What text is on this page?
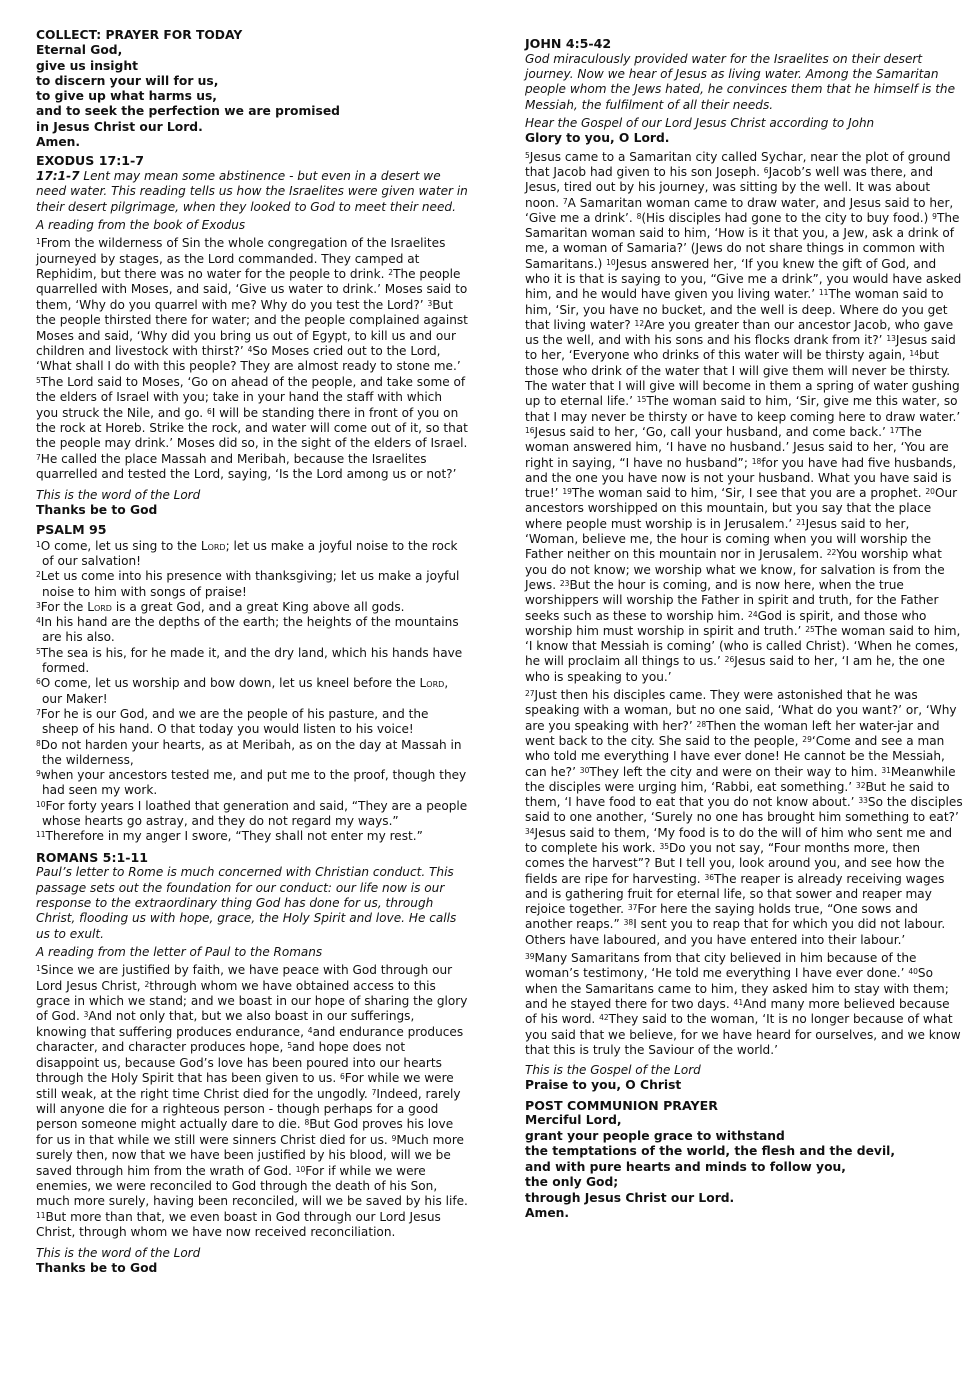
COLLECT: PRAYER FOR TODAY
Eternal God,
give us insight
to discern your will for us,
to give up what harms us,
and to seek the perfection we are promised
in Jesus Christ our Lord.
Amen.
EXODUS 17:1-7
17:1-7 Lent may mean some abstinence - but even in a desert we need water. This reading tells us how the Israelites were given water in their desert pilgrimage, when they looked to God to meet their need.
A reading from the book of Exodus
$^1$From the wilderness of Sin the whole congregation of the Israelites journeyed by stages, as the Lord commanded. They camped at Rephidim, but there was no water for the people to drink. $^2$The people quarrelled with Moses, and said, ‘Give us water to drink.’ Moses said to them, ‘Why do you quarrel with me? Why do you test the Lord?’ $^3$But the people thirsted there for water; and the people complained against Moses and said, ‘Why did you bring us out of Egypt, to kill us and our children and livestock with thirst?’ $^4$So Moses cried out to the Lord, ‘What shall I do with this people? They are almost ready to stone me.’ $^5$The Lord said to Moses, ‘Go on ahead of the people, and take some of the elders of Israel with you; take in your hand the staff with which you struck the Nile, and go. $^6$I will be standing there in front of you on the rock at Horeb. Strike the rock, and water will come out of it, so that the people may drink.’ Moses did so, in the sight of the elders of Israel. $^7$He called the place Massah and Meribah, because the Israelites quarrelled and tested the Lord, saying, ‘Is the Lord among us or not?’
This is the word of the Lord
Thanks be to God
PSALM 95
$^1$O come, let us sing to the Lord; let us make a joyful noise to the rock of our salvation!
$^2$Let us come into his presence with thanksgiving; let us make a joyful noise to him with songs of praise!
$^3$For the Lord is a great God, and a great King above all gods.
$^4$In his hand are the depths of the earth; the heights of the mountains are his also.
$^5$The sea is his, for he made it, and the dry land, which his hands have formed.
$^6$O come, let us worship and bow down, let us kneel before the Lord, our Maker!
$^7$For he is our God, and we are the people of his pasture, and the sheep of his hand. O that today you would listen to his voice!
$^8$Do not harden your hearts, as at Meribah, as on the day at Massah in the wilderness,
$^9$when your ancestors tested me, and put me to the proof, though they had seen my work.
$^{10}$For forty years I loathed that generation and said, “They are a people whose hearts go astray, and they do not regard my ways.”
$^{11}$Therefore in my anger I swore, “They shall not enter my rest.”
ROMANS 5:1-11
Paul’s letter to Rome is much concerned with Christian conduct. This passage sets out the foundation for our conduct: our life now is our response to the extraordinary thing God has done for us, through Christ, flooding us with hope, grace, the Holy Spirit and love. He calls us to exult.
A reading from the letter of Paul to the Romans
$^1$Since we are justified by faith, we have peace with God through our Lord Jesus Christ, $^2$through whom we have obtained access to this grace in which we stand; and we boast in our hope of sharing the glory of God. $^3$And not only that, but we also boast in our sufferings, knowing that suffering produces endurance, $^4$and endurance produces character, and character produces hope, $^5$and hope does not disappoint us, because God’s love has been poured into our hearts through the Holy Spirit that has been given to us. $^6$For while we were still weak, at the right time Christ died for the ungodly. $^7$Indeed, rarely will anyone die for a righteous person - though perhaps for a good person someone might actually dare to die. $^8$But God proves his love for us in that while we still were sinners Christ died for us. $^9$Much more surely then, now that we have been justified by his blood, will we be saved through him from the wrath of God. $^{10}$For if while we were enemies, we were reconciled to God through the death of his Son, much more surely, having been reconciled, will we be saved by his life. $^{11}$But more than that, we even boast in God through our Lord Jesus Christ, through whom we have now received reconciliation.
This is the word of the Lord
Thanks be to God
JOHN 4:5-42
God miraculously provided water for the Israelites on their desert journey. Now we hear of Jesus as living water. Among the Samaritan people whom the Jews hated, he convinces them that he himself is the Messiah, the fulfilment of all their needs.
Hear the Gospel of our Lord Jesus Christ according to John
Glory to you, O Lord.
$^5$Jesus came to a Samaritan city called Sychar, near the plot of ground that Jacob had given to his son Joseph. $^6$Jacob’s well was there, and Jesus, tired out by his journey, was sitting by the well. It was about noon. $^7$A Samaritan woman came to draw water, and Jesus said to her, ‘Give me a drink’. $^8$(His disciples had gone to the city to buy food.) $^9$The Samaritan woman said to him, ‘How is it that you, a Jew, ask a drink of me, a woman of Samaria?’ (Jews do not share things in common with Samaritans.) $^{10}$Jesus answered her, ‘If you knew the gift of God, and who it is that is saying to you, “Give me a drink”, you would have asked him, and he would have given you living water.’ $^{11}$The woman said to him, ‘Sir, you have no bucket, and the well is deep. Where do you get that living water? $^{12}$Are you greater than our ancestor Jacob, who gave us the well, and with his sons and his flocks drank from it?’ $^{13}$Jesus said to her, ‘Everyone who drinks of this water will be thirsty again, $^{14}$but those who drink of the water that I will give them will never be thirsty. The water that I will give will become in them a spring of water gushing up to eternal life.’ $^{15}$The woman said to him, ‘Sir, give me this water, so that I may never be thirsty or have to keep coming here to draw water.’ $^{16}$Jesus said to her, ‘Go, call your husband, and come back.’ $^{17}$The woman answered him, ‘I have no husband.’ Jesus said to her, ‘You are right in saying, “I have no husband”; $^{18}$for you have had five husbands, and the one you have now is not your husband. What you have said is true!’ $^{19}$The woman said to him, ‘Sir, I see that you are a prophet. $^{20}$Our ancestors worshipped on this mountain, but you say that the place where people must worship is in Jerusalem.’ $^{21}$Jesus said to her, ‘Woman, believe me, the hour is coming when you will worship the Father neither on this mountain nor in Jerusalem. $^{22}$You worship what you do not know; we worship what we know, for salvation is from the Jews. $^{23}$But the hour is coming, and is now here, when the true worshippers will worship the Father in spirit and truth, for the Father seeks such as these to worship him. $^{24}$God is spirit, and those who worship him must worship in spirit and truth.’ $^{25}$The woman said to him, ‘I know that Messiah is coming’ (who is called Christ). ‘When he comes, he will proclaim all things to us.’ $^{26}$Jesus said to her, ‘I am he, the one who is speaking to you.’
$^{27}$Just then his disciples came. They were astonished that he was speaking with a woman, but no one said, ‘What do you want?’ or, ‘Why are you speaking with her?’ $^{28}$Then the woman left her water-jar and went back to the city. She said to the people, $^{29}$‘Come and see a man who told me everything I have ever done! He cannot be the Messiah, can he?’ $^{30}$They left the city and were on their way to him. $^{31}$Meanwhile the disciples were urging him, ‘Rabbi, eat something.’ $^{32}$But he said to them, ‘I have food to eat that you do not know about.’ $^{33}$So the disciples said to one another, ‘Surely no one has brought him something to eat?’ $^{34}$Jesus said to them, ‘My food is to do the will of him who sent me and to complete his work. $^{35}$Do you not say, “Four months more, then comes the harvest”? But I tell you, look around you, and see how the fields are ripe for harvesting. $^{36}$The reaper is already receiving wages and is gathering fruit for eternal life, so that sower and reaper may rejoice together. $^{37}$For here the saying holds true, “One sows and another reaps.” $^{38}$I sent you to reap that for which you did not labour. Others have laboured, and you have entered into their labour.’
$^{39}$Many Samaritans from that city believed in him because of the woman’s testimony, ‘He told me everything I have ever done.’ $^{40}$So when the Samaritans came to him, they asked him to stay with them; and he stayed there for two days. $^{41}$And many more believed because of his word. $^{42}$They said to the woman, ‘It is no longer because of what you said that we believe, for we have heard for ourselves, and we know that this is truly the Saviour of the world.’
This is the Gospel of the Lord
Praise to you, O Christ
POST COMMUNION PRAYER
Merciful Lord,
grant your people grace to withstand
the temptations of the world, the flesh and the devil,
and with pure hearts and minds to follow you,
the only God;
through Jesus Christ our Lord.
Amen.
